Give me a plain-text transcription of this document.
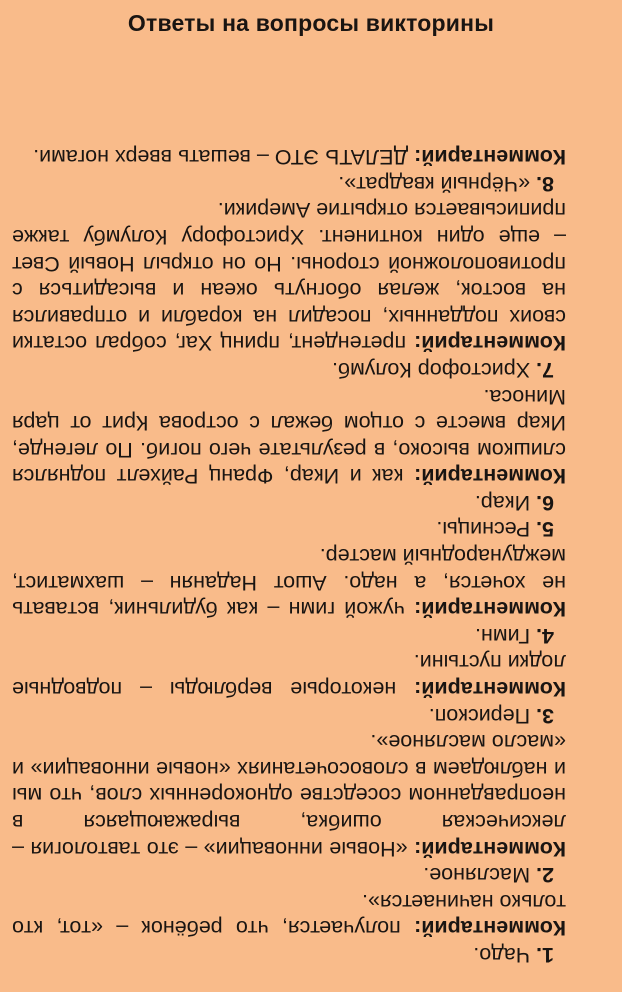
Ответы на вопросы викторины
1. Чадо.
Комментарий: получается, что ребёнок – «тот, кто только начинается».
2. Масляное.
Комментарий: «Новые инновации» – это тавтология – лексическая ошибка, выражающаяся в неоправданном соседстве однокоренных слов, что мы и наблюдаем в словосочетаниях «новые инновации» и «масло масляное».
3. Перископ.
Комментарий: некоторые верблюды – подводные лодки пустыни.
4. Гимн.
Комментарий: чужой гимн – как будильник, вставать не хочется, а надо. Ашот Наданян – шахматист, международный мастер.
5. Ресницы.
6. Икар.
Комментарий: как и Икар, Франц Райхелт поднялся слишком высоко, в результате чего погиб. По легенде, Икар вместе с отцом бежал с острова Крит от царя Миноса.
7. Христофор Колумб.
Комментарий: претендент, принц Хаг, собрал остатки своих подданных, посадил на корабли и отправился на восток, желая обогнуть океан и высадиться с противоположной стороны. Но он открыл Новый Свет – еще один континент. Христофору Колумбу также приписывается открытие Америки.
8. «Чёрный квадрат».
Комментарий: ДЕЛАТЬ ЭТО – вешать вверх ногами.
